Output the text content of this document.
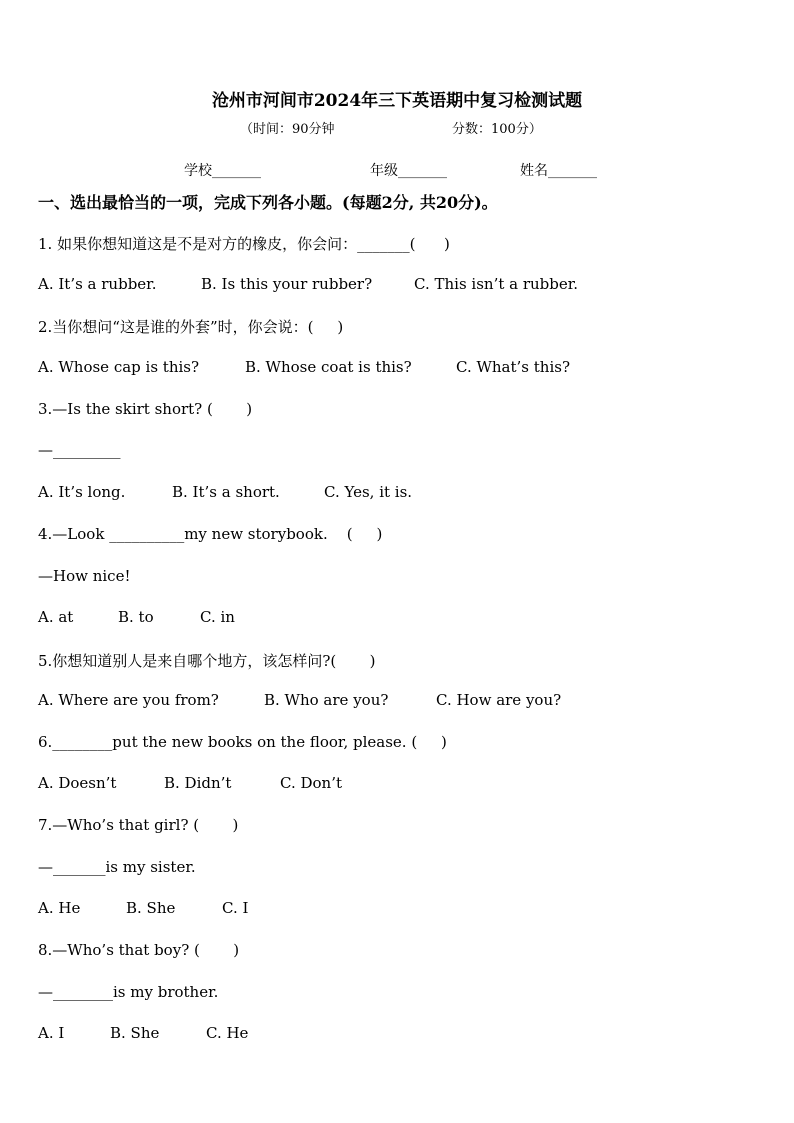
沧州市河间市2024年三下英语期中复习检测试题
（时间：90分钟	分数：100分）
学校_______	年级_______	姓名_______
一、选出最恰当的一项，完成下列各小题。(每题2分, 共20分)。
1. 如果你想知道这是不是对方的橡皮，你会问：_______(      )
A. It’s a rubber.	B. Is this your rubber?	C. This isn’t a rubber.
2.当你想问“这是谁的外套”时，你会说：(     )
A. Whose cap is this?	B. Whose coat is this?	C. What’s this?
3.—Is the skirt short? (       )
—_________
A. It’s long.	B. It’s a short.	C. Yes, it is.
4.—Look __________my new storybook.    (     )
—How nice!
A. at	B. to	C. in
5.你想知道别人是来自哪个地方，该怎样问?(       )
A. Where are you from?	B. Who are you?	C. How are you?
6.________put the new books on the floor, please. (     )
A. Doesn’t	B. Didn’t	C. Don’t
7.—Who’s that girl? (       )
—_______is my sister.
A. He	B. She	C. I
8.—Who’s that boy? (       )
—________is my brother.
A. I	B. She	C. He
